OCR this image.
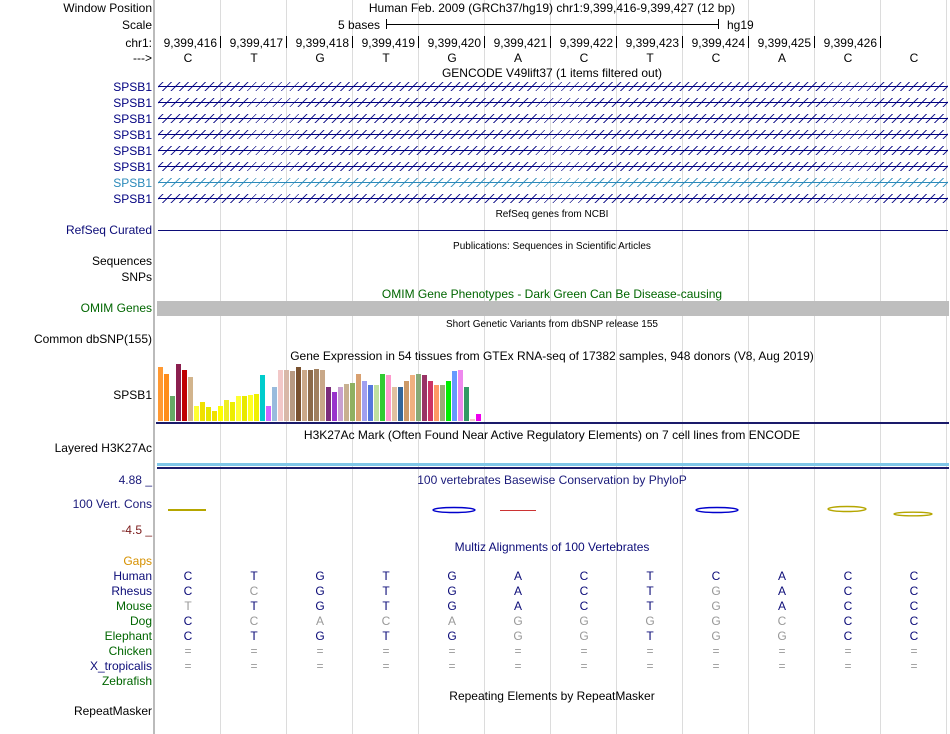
Window Position
Scale
chr1:
--->
Human Feb. 2009 (GRCh37/hg19) chr1:9,399,416-9,399,427 (12 bp)
5 bases	hg19
9,399,416 9,399,417 9,399,418 9,399,419 9,399,420 9,399,421 9,399,422 9,399,423 9,399,424 9,399,425 9,399,426
C	T	G	T	G	A	C	T	C	A	C	C
GENCODE V49lift37 (1 items filtered out)
SPSB1
SPSB1
SPSB1
SPSB1
SPSB1
SPSB1
SPSB1
SPSB1
RefSeq genes from NCBI
RefSeq Curated
Publications: Sequences in Scientific Articles
Sequences
SNPs
OMIM Gene Phenotypes - Dark Green Can Be Disease-causing
OMIM Genes
Short Genetic Variants from dbSNP release 155
Common dbSNP(155)
Gene Expression in 54 tissues from GTEx RNA-seq of 17382 samples, 948 donors (V8, Aug 2019)
SPSB1
H3K27Ac Mark (Often Found Near Active Regulatory Elements) on 7 cell lines from ENCODE
Layered H3K27Ac
100 vertebrates Basewise Conservation by PhyloP
4.88 _
100 Vert. Cons
-4.5 _
Multiz Alignments of 100 Vertebrates
Gaps
Human	C	T	G	T	G	A	C	T	C	A	C	C
Rhesus	C	C	G	T	G	A	C	T	G	A	C	C
Mouse	T	T	G	T	G	A	C	T	G	A	C	C
Dog	C	C	A	C	A	G	G	G	G	C	C	C
Elephant	C	T	G	T	G	G	G	T	G	G	C	C
Chicken	=	=	=	=	=	=	=	=	=	=	=	=
X_tropicalis	=	=	=	=	=	=	=	=	=	=	=	=
Zebrafish
Repeating Elements by RepeatMasker
RepeatMasker
